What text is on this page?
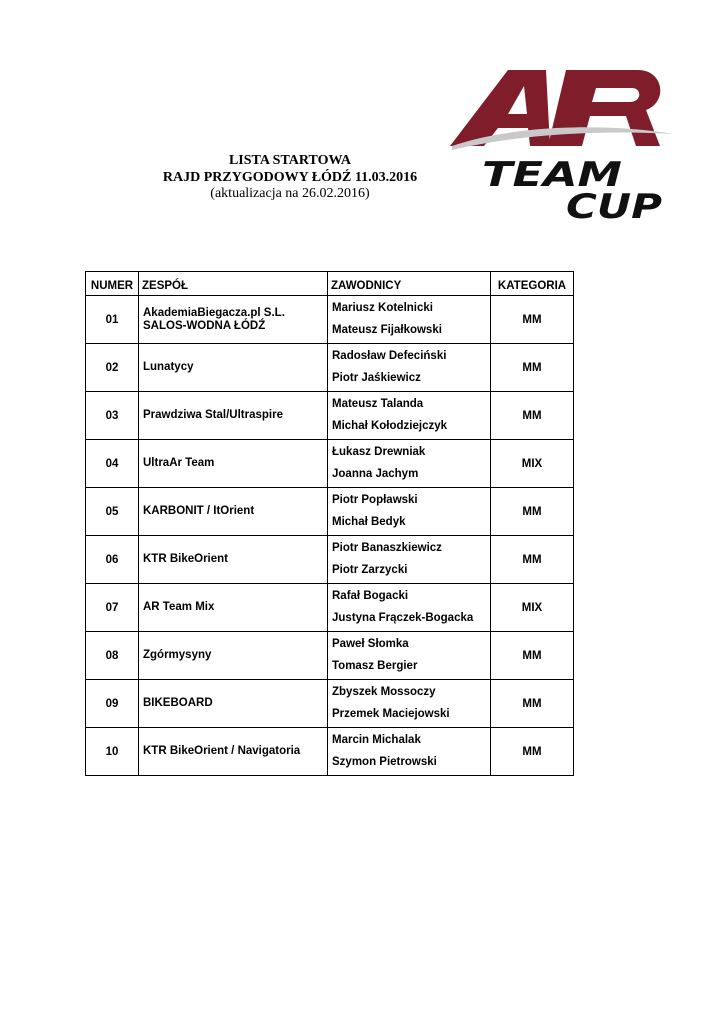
TEAM
CUP
LISTA STARTOWA
RAJD PRZYGODOWY ŁÓDŹ 11.03.2016
(aktualizacja na 26.02.2016)
NUMER	ZESPÓŁ	ZAWODNICY	KATEGORIA
01	AkademiaBiegacza.pl S.L. SALOS-WODNA ŁÓDŹ	Mariusz Kotelnicki
Mateusz Fijałkowski	MM
02	Lunatycy	Radosław Defeciński
Piotr Jaśkiewicz	MM
03	Prawdziwa Stal/Ultraspire	Mateusz Talanda
Michał Kołodziejczyk	MM
04	UltraAr Team	Łukasz Drewniak
Joanna Jachym	MIX
05	KARBONIT / ItOrient	Piotr Popławski
Michał Bedyk	MM
06	KTR BikeOrient	Piotr Banaszkiewicz
Piotr Zarzycki	MM
07	AR Team Mix	Rafał Bogacki
Justyna Frączek-Bogacka	MIX
08	Zgórmysyny	Paweł Słomka
Tomasz Bergier	MM
09	BIKEBOARD	Zbyszek Mossoczy
Przemek Maciejowski	MM
10	KTR BikeOrient / Navigatoria	Marcin Michalak
Szymon Pietrowski	MM
